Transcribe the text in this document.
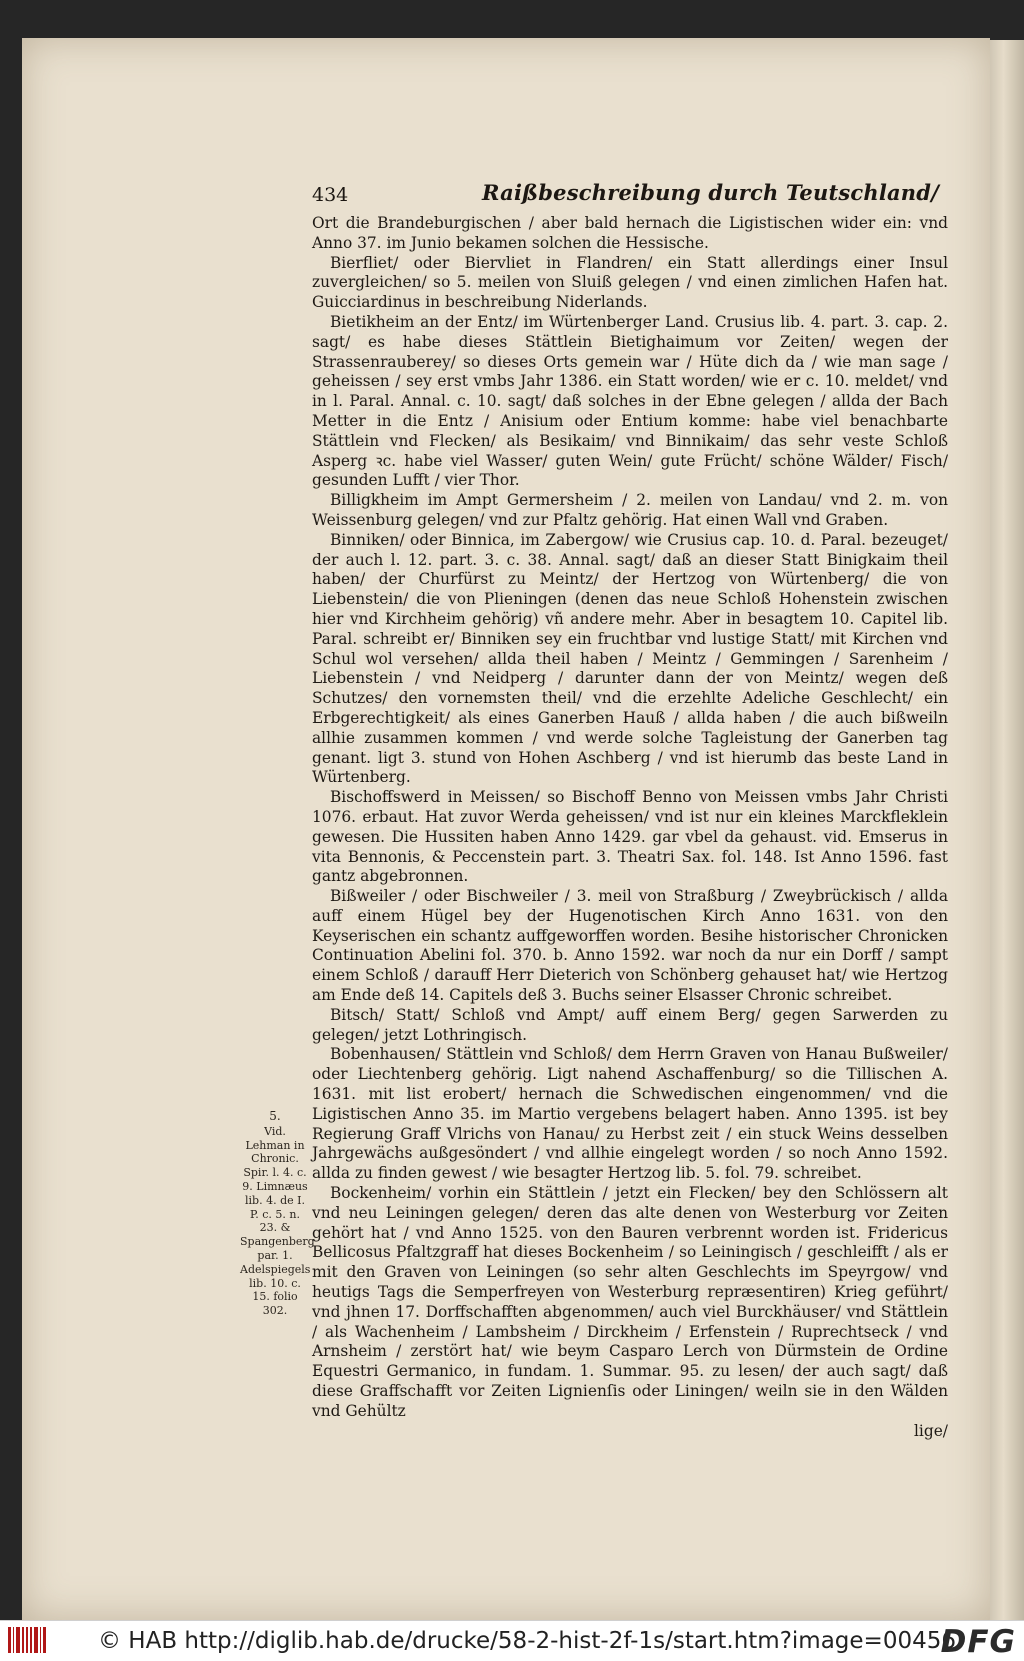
434	Raißbeschreibung durch Teutschland/

Ort die Brandeburgischen / aber bald hernach die Ligistischen wider ein: vnd Anno 37. im Junio bekamen solchen die Hessische.

Bierfliet/ oder Biervliet in Flandren/ ein Statt allerdings einer Insul zuvergleichen/ so 5. meilen von Sluiß gelegen / vnd einen zimlichen Hafen hat. Guicciardinus in beschreibung Niderlands.

Bietikheim an der Entz/ im Würtenberger Land. Crusius lib. 4. part. 3. cap. 2. sagt/ es habe dieses Stättlein Bietighaimum vor Zeiten/ wegen der Strassenrauberey/ so dieses Orts gemein war / Hüte dich da / wie man sage / geheissen / sey erst vmbs Jahr 1386. ein Statt worden/ wie er c. 10. meldet/ vnd in l. Paral. Annal. c. 10. sagt/ daß solches in der Ebne gelegen / allda der Bach Metter in die Entz / Anisium oder Entium komme: habe viel benachbarte Stättlein vnd Flecken/ als Besikaim/ vnd Binnikaim/ das sehr veste Schloß Asperg ꝛc. habe viel Wasser/ guten Wein/ gute Frücht/ schöne Wälder/ Fisch/ gesunden Lufft / vier Thor.

Billigkheim im Ampt Germersheim / 2. meilen von Landau/ vnd 2. m. von Weissenburg gelegen/ vnd zur Pfaltz gehörig. Hat einen Wall vnd Graben.

Binniken/ oder Binnica, im Zabergow/ wie Crusius cap. 10. d. Paral. bezeuget/ der auch l. 12. part. 3. c. 38. Annal. sagt/ daß an dieser Statt Binigkaim theil haben/ der Churfürst zu Meintz/ der Hertzog von Würtenberg/ die von Liebenstein/ die von Plieningen (denen das neue Schloß Hohenstein zwischen hier vnd Kirchheim gehörig) vñ andere mehr. Aber in besagtem 10. Capitel lib. Paral. schreibt er/ Binniken sey ein fruchtbar vnd lustige Statt/ mit Kirchen vnd Schul wol versehen/ allda theil haben / Meintz / Gemmingen / Sarenheim / Liebenstein / vnd Neidperg / darunter dann der von Meintz/ wegen deß Schutzes/ den vornemsten theil/ vnd die erzehlte Adeliche Geschlecht/ ein Erbgerechtigkeit/ als eines Ganerben Hauß / allda haben / die auch bißweiln allhie zusammen kommen / vnd werde solche Tagleistung der Ganerben tag genant. ligt 3. stund von Hohen Aschberg / vnd ist hierumb das beste Land in Würtenberg.

Bischoffswerd in Meissen/ so Bischoff Benno von Meissen vmbs Jahr Christi 1076. erbaut. Hat zuvor Werda geheissen/ vnd ist nur ein kleines Marckfleklein gewesen. Die Hussiten haben Anno 1429. gar vbel da gehaust. vid. Emserus in vita Bennonis, & Peccenstein part. 3. Theatri Sax. fol. 148. Ist Anno 1596. fast gantz abgebronnen.

Bißweiler / oder Bischweiler / 3. meil von Straßburg / Zweybrückisch / allda auff einem Hügel bey der Hugenotischen Kirch Anno 1631. von den Keyserischen ein schantz auffgeworffen worden. Besihe historischer Chronicken Continuation Abelini fol. 370. b. Anno 1592. war noch da nur ein Dorff / sampt einem Schloß / darauff Herr Dieterich von Schönberg gehauset hat/ wie Hertzog am Ende deß 14. Capitels deß 3. Buchs seiner Elsasser Chronic schreibet.

Bitsch/ Statt/ Schloß vnd Ampt/ auff einem Berg/ gegen Sarwerden zu gelegen/ jetzt Lothringisch.

Bobenhausen/ Stättlein vnd Schloß/ dem Herrn Graven von Hanau Bußweiler/ oder Liechtenberg gehörig. Ligt nahend Aschaffenburg/ so die Tillischen A. 1631. mit list erobert/ hernach die Schwedischen eingenommen/ vnd die Ligistischen Anno 35. im Martio vergebens belagert haben. Anno 1395. ist bey Regierung Graff Vlrichs von Hanau/ zu Herbst zeit / ein stuck Weins desselben Jahrgewächs außgesöndert / vnd allhie eingelegt worden / so noch Anno 1592. allda zu finden gewest / wie besagter Hertzog lib. 5. fol. 79. schreibet.

Bockenheim/ vorhin ein Stättlein / jetzt ein Flecken/ bey den Schlössern alt vnd neu Leiningen gelegen/ deren das alte denen von Westerburg vor Zeiten gehört hat / vnd Anno 1525. von den Bauren verbrennt worden ist. Fridericus Bellicosus Pfaltzgraff hat dieses Bockenheim / so Leiningisch / geschleifft / als er mit den Graven von Leiningen (so sehr alten Geschlechts im Speyrgow/ vnd heutigs Tags die Semperfreyen von Westerburg repræsentiren) Krieg geführt/ vnd jhnen 17. Dorffschafften abgenommen/ auch viel Burckhäuser/ vnd Stättlein / als Wachenheim / Lambsheim / Dirckheim / Erfenstein / Ruprechtseck / vnd Arnsheim / zerstört hat/ wie beym Casparo Lerch von Dürmstein de Ordine Equestri Germanico, in fundam. 1. Summar. 95. zu lesen/ der auch sagt/ daß diese Graffschafft vor Zeiten Lignienſis oder Liningen/ weiln sie in den Wälden vnd Gehültz

lige/

5.
Vid. Lehman in Chronic. Spir. l. 4. c. 9. Limnæus lib. 4. de I. P. c. 5. n. 23. & Spangenberg par. 1. Adelspiegels lib. 10. c. 15. folio 302.
© HAB http://diglib.hab.de/drucke/58-2-hist-2f-1s/start.htm?image=00456
DFG
